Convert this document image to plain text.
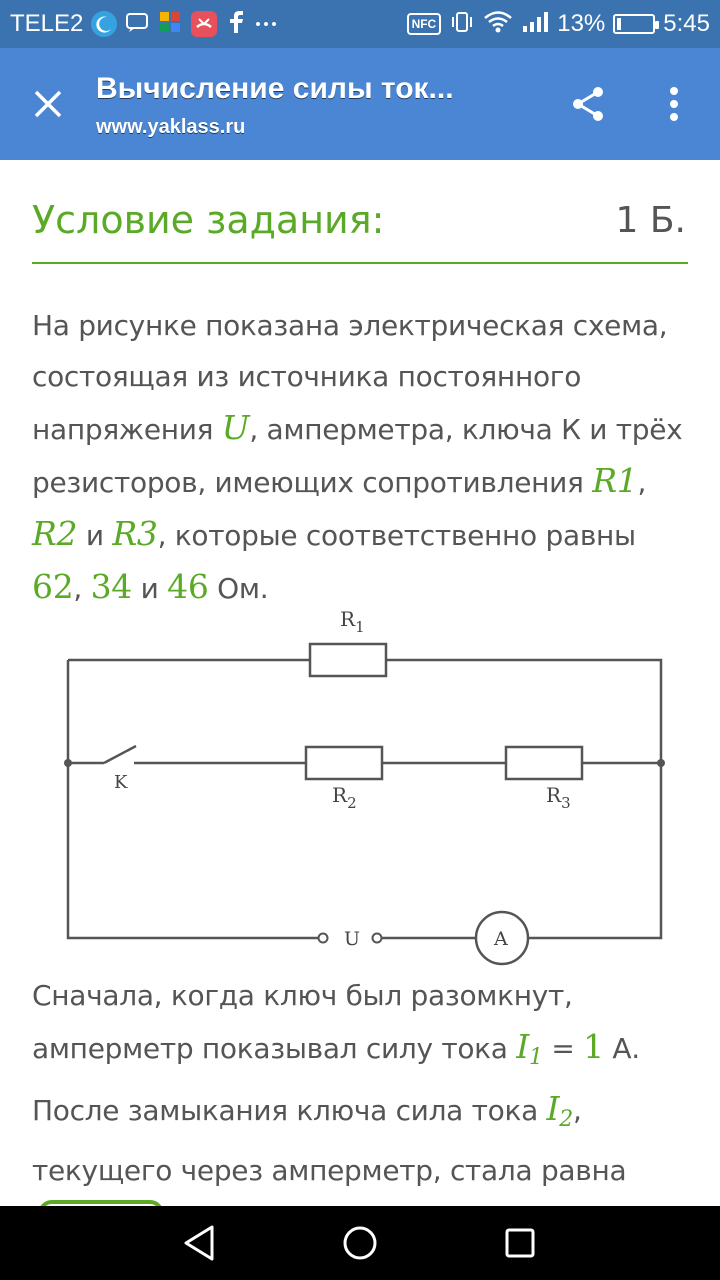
TELE2	NFC	13% 5:45
Вычисление силы ток...
www.yaklass.ru
Условие задания:	1 Б.
На рисунке показана электрическая схема, состоящая из источника постоянного напряжения U, амперметра, ключа К и трёх резисторов, имеющих сопротивления R1, R2 и R3, которые соответственно равны 62, 34 и 46 Ом.
$R_1$
$R_2$	$R_3$
K
U	A
Сначала, когда ключ был разомкнут, амперметр показывал силу тока $I_1 = 1$ А. После замыкания ключа сила тока $I_2$, текущего через амперметр, стала равна
